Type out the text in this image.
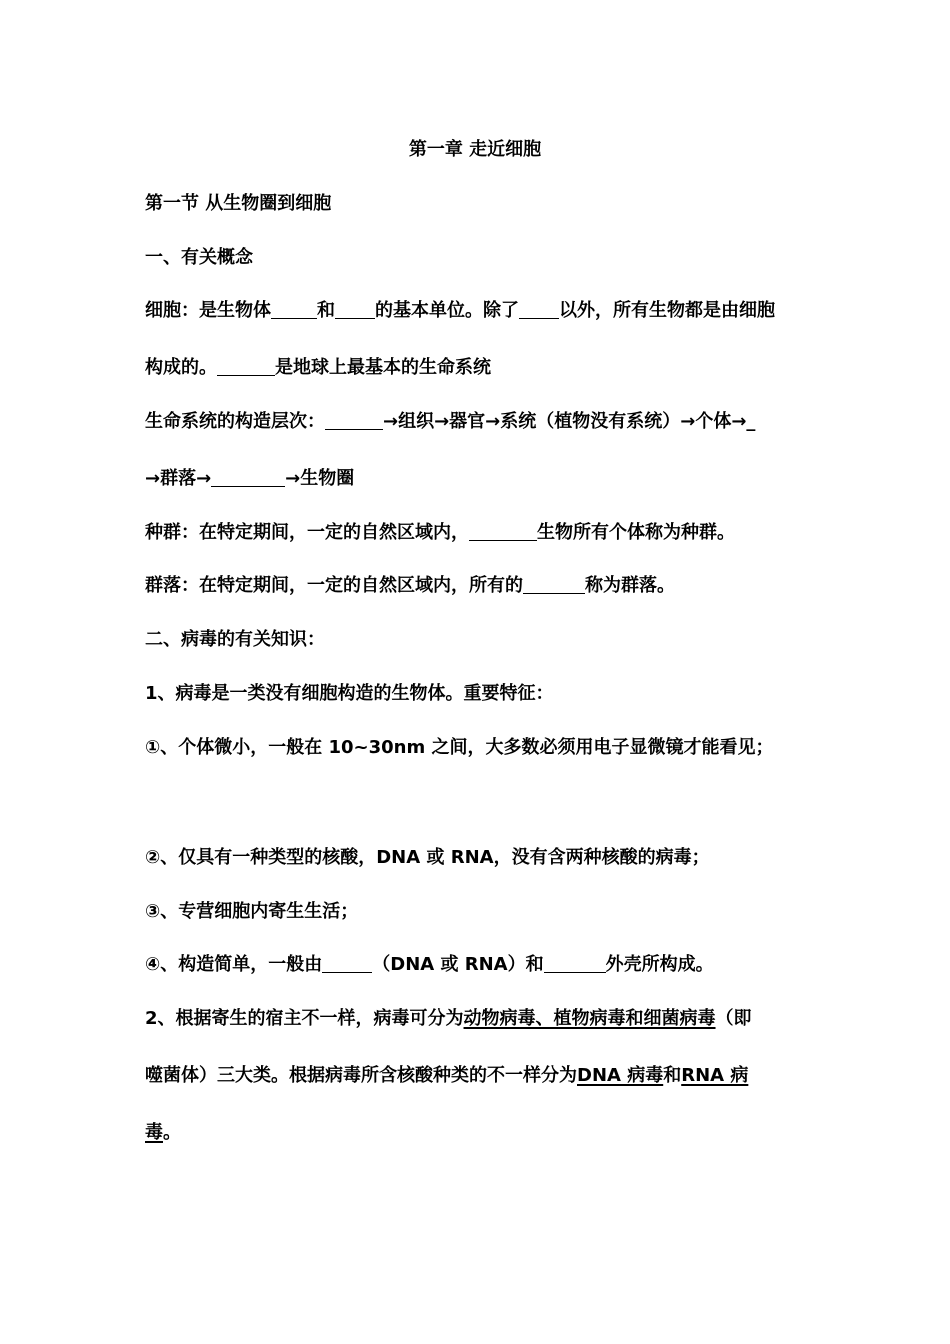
第一章 走近细胞
第一节 从生物圈到细胞
一、有关概念
细胞：是生物体	和 的基本单位。除了 以外，所有生物都是由细胞
构成的。	是地球上最基本的生命系统
生命系统的构造层次：	→组织→器官→系统（植物没有系统）→个体→_
→群落→	→生物圈
种群：在特定期间，一定的自然区域内，	生物所有个体称为种群。
群落：在特定期间，一定的自然区域内，所有的	称为群落。
二、病毒的有关知识：
1、病毒是一类没有细胞构造的生物体。重要特征：
①、个体微小，一般在 10~30nm 之间，大多数必须用电子显微镜才能看见；
②、仅具有一种类型的核酸，DNA 或 RNA，没有含两种核酸的病毒；
③、专营细胞内寄生生活；
④、构造简单，一般由	（DNA 或 RNA）和	外壳所构成。
2、根据寄生的宿主不一样，病毒可分为动物病毒、植物病毒和细菌病毒（即
噬菌体）三大类。根据病毒所含核酸种类的不一样分为DNA 病毒和RNA 病
毒。
